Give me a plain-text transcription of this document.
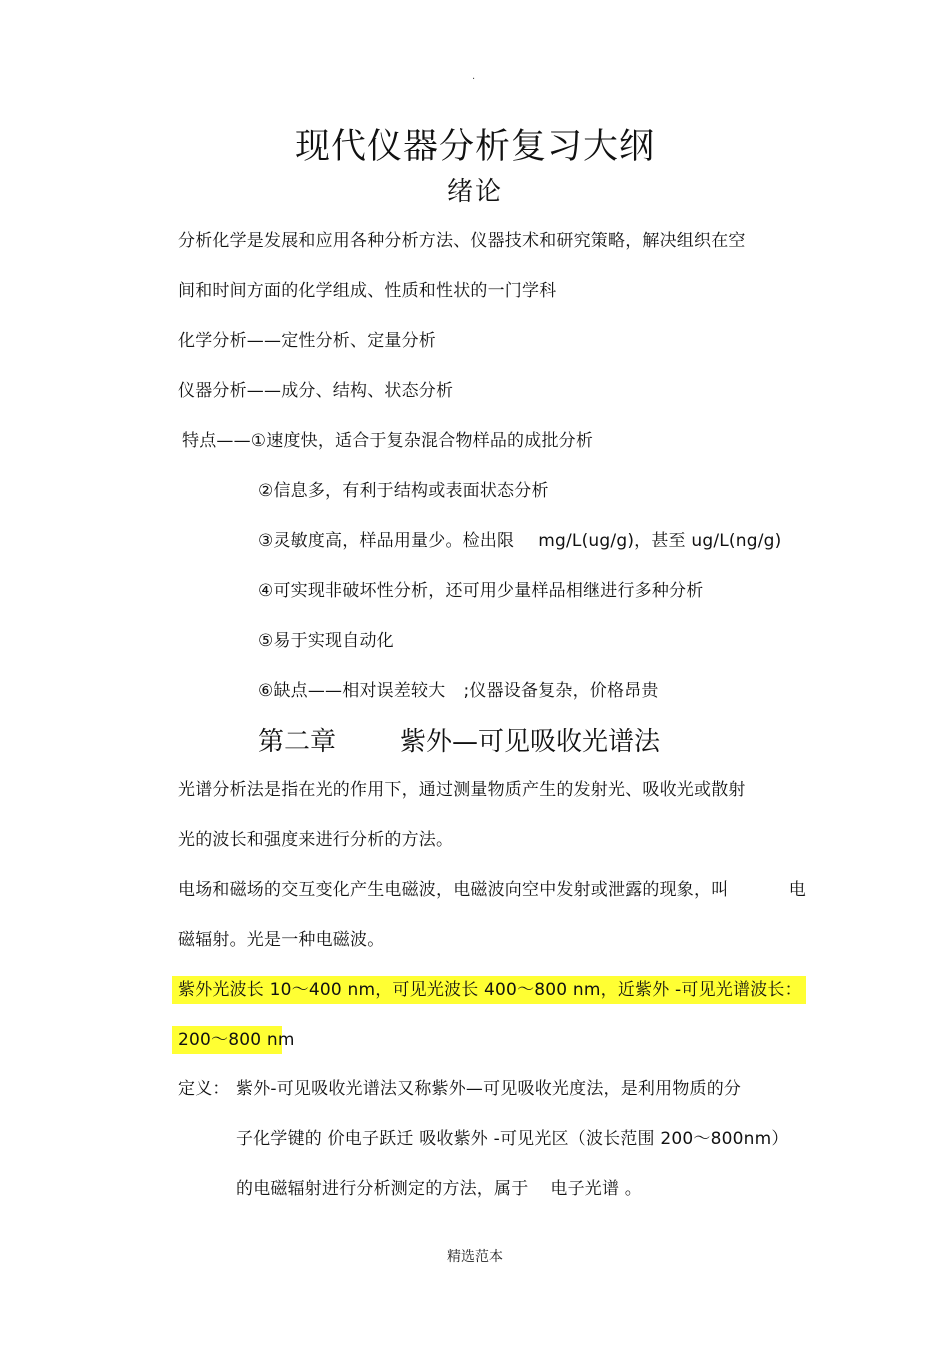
.
现代仪器分析复习大纲
绪论
分析化学是发展和应用各种分析方法、仪器技术和研究策略，解决组织在空
间和时间方面的化学组成、性质和性状的一门学科
化学分析——定性分析、定量分析
仪器分析——成分、结构、状态分析
特点——①速度快，适合于复杂混合物样品的成批分析
②信息多，有利于结构或表面状态分析
③灵敏度高，样品用量少。检出限 mg/L(ug/g)，甚至 ug/L(ng/g)
④可实现非破坏性分析，还可用少量样品相继进行多种分析
⑤易于实现自动化
⑥缺点——相对误差较大 ;仪器设备复杂，价格昂贵
第二章 紫外—可见吸收光谱法
光谱分析法是指在光的作用下，通过测量物质产生的发射光、吸收光或散射
光的波长和强度来进行分析的方法。
电场和磁场的交互变化产生电磁波，电磁波向空中发射或泄露的现象，叫	电
磁辐射。光是一种电磁波。
紫外光波长 10～400 nm，可见光波长 400～800 nm，近紫外 -可见光谱波长：
200～800 nm
定义： 紫外-可见吸收光谱法又称紫外—可见吸收光度法，是利用物质的分
子化学键的 价电子跃迁 吸收紫外 -可见光区（波长范围 200～800nm）
的电磁辐射进行分析测定的方法，属于 电子光谱 。
精选范本
